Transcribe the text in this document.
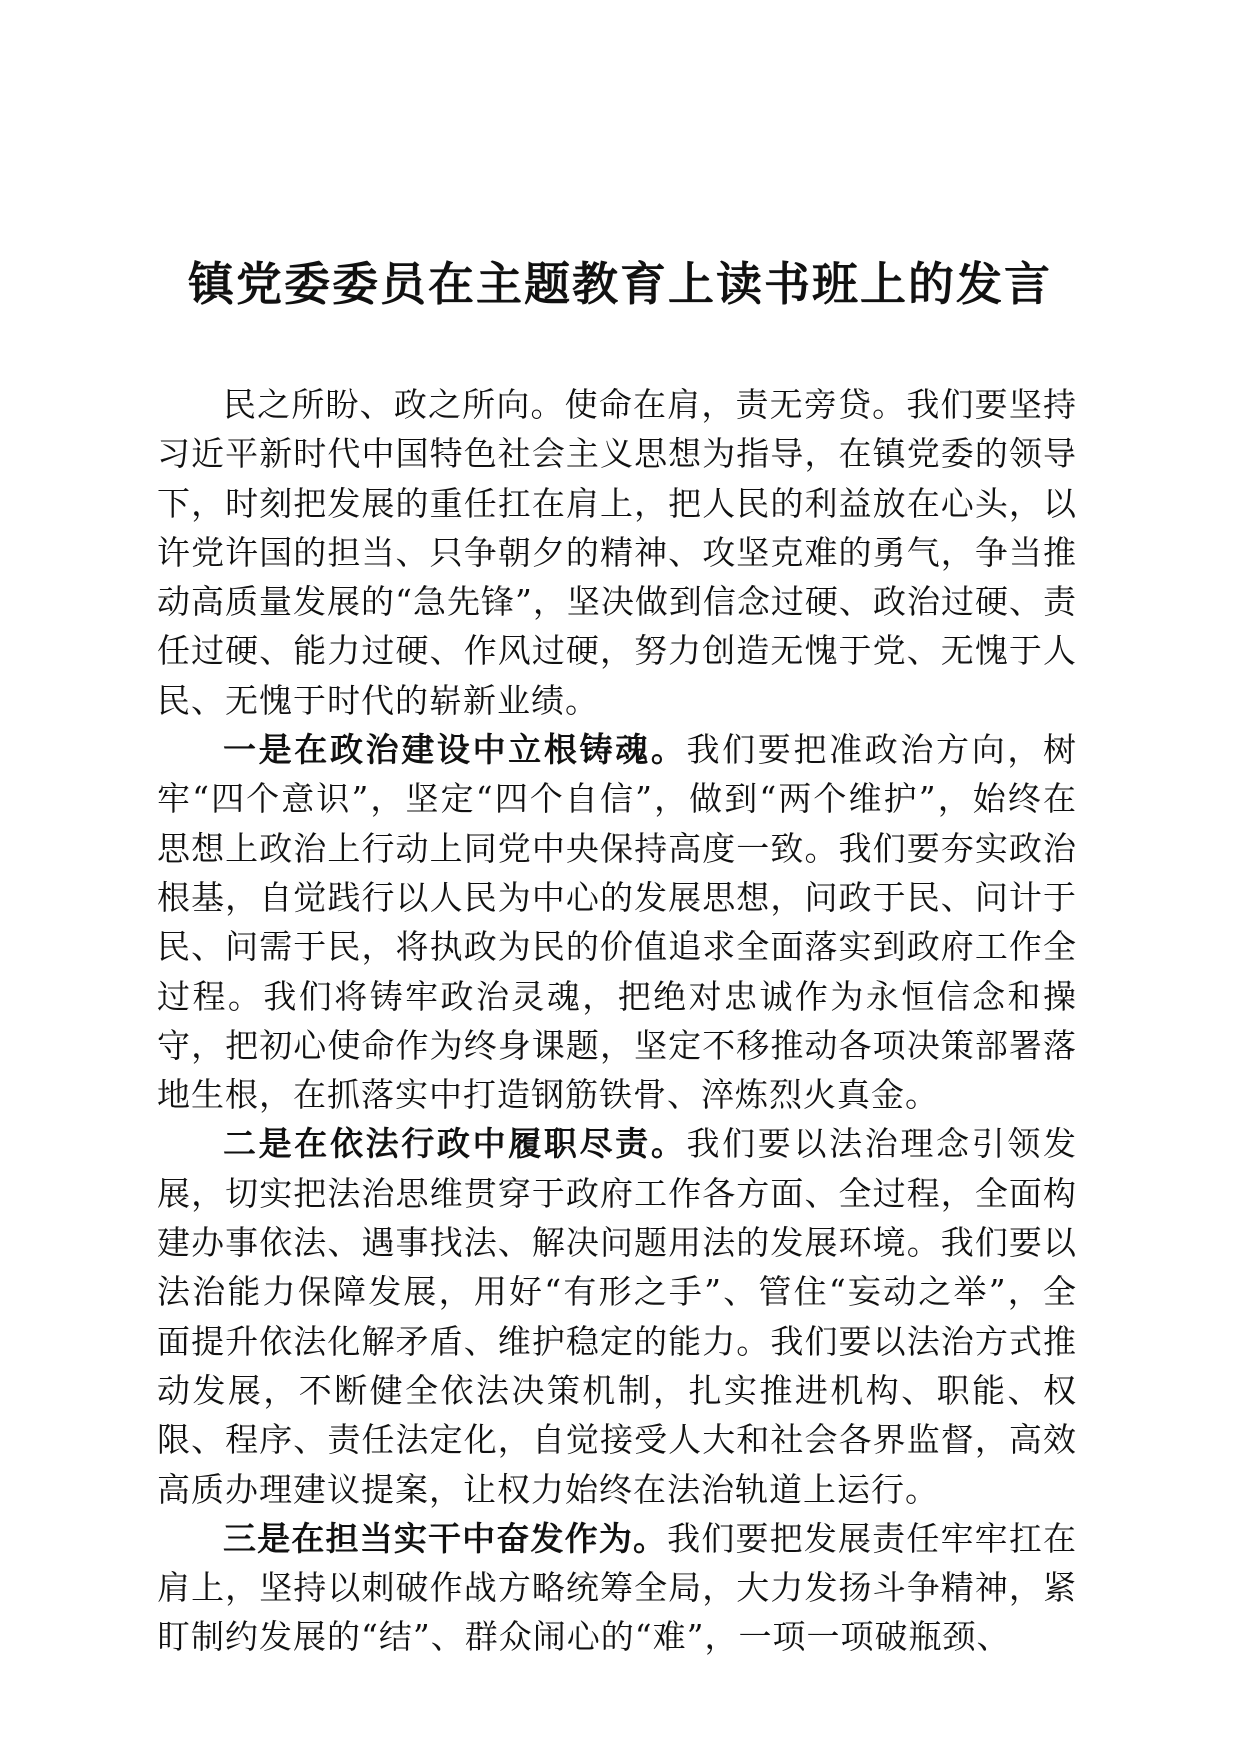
镇党委委员在主题教育上读书班上的发言

民之所盼、政之所向。使命在肩，责无旁贷。我们要坚持习近平新时代中国特色社会主义思想为指导，在镇党委的领导下，时刻把发展的重任扛在肩上，把人民的利益放在心头，以许党许国的担当、只争朝夕的精神、攻坚克难的勇气，争当推动高质量发展的“急先锋”，坚决做到信念过硬、政治过硬、责任过硬、能力过硬、作风过硬，努力创造无愧于党、无愧于人民、无愧于时代的崭新业绩。

一是在政治建设中立根铸魂。我们要把准政治方向，树牢“四个意识”，坚定“四个自信”，做到“两个维护”，始终在思想上政治上行动上同党中央保持高度一致。我们要夯实政治根基，自觉践行以人民为中心的发展思想，问政于民、问计于民、问需于民，将执政为民的价值追求全面落实到政府工作全过程。我们将铸牢政治灵魂，把绝对忠诚作为永恒信念和操守，把初心使命作为终身课题，坚定不移推动各项决策部署落地生根，在抓落实中打造钢筋铁骨、淬炼烈火真金。

二是在依法行政中履职尽责。我们要以法治理念引领发展，切实把法治思维贯穿于政府工作各方面、全过程，全面构建办事依法、遇事找法、解决问题用法的发展环境。我们要以法治能力保障发展，用好“有形之手”、管住“妄动之举”，全面提升依法化解矛盾、维护稳定的能力。我们要以法治方式推动发展，不断健全依法决策机制，扎实推进机构、职能、权限、程序、责任法定化，自觉接受人大和社会各界监督，高效高质办理建议提案，让权力始终在法治轨道上运行。

三是在担当实干中奋发作为。我们要把发展责任牢牢扛在肩上，坚持以刺破作战方略统筹全局，大力发扬斗争精神，紧盯制约发展的“结”、群众闹心的“难”，一项一项破瓶颈、
